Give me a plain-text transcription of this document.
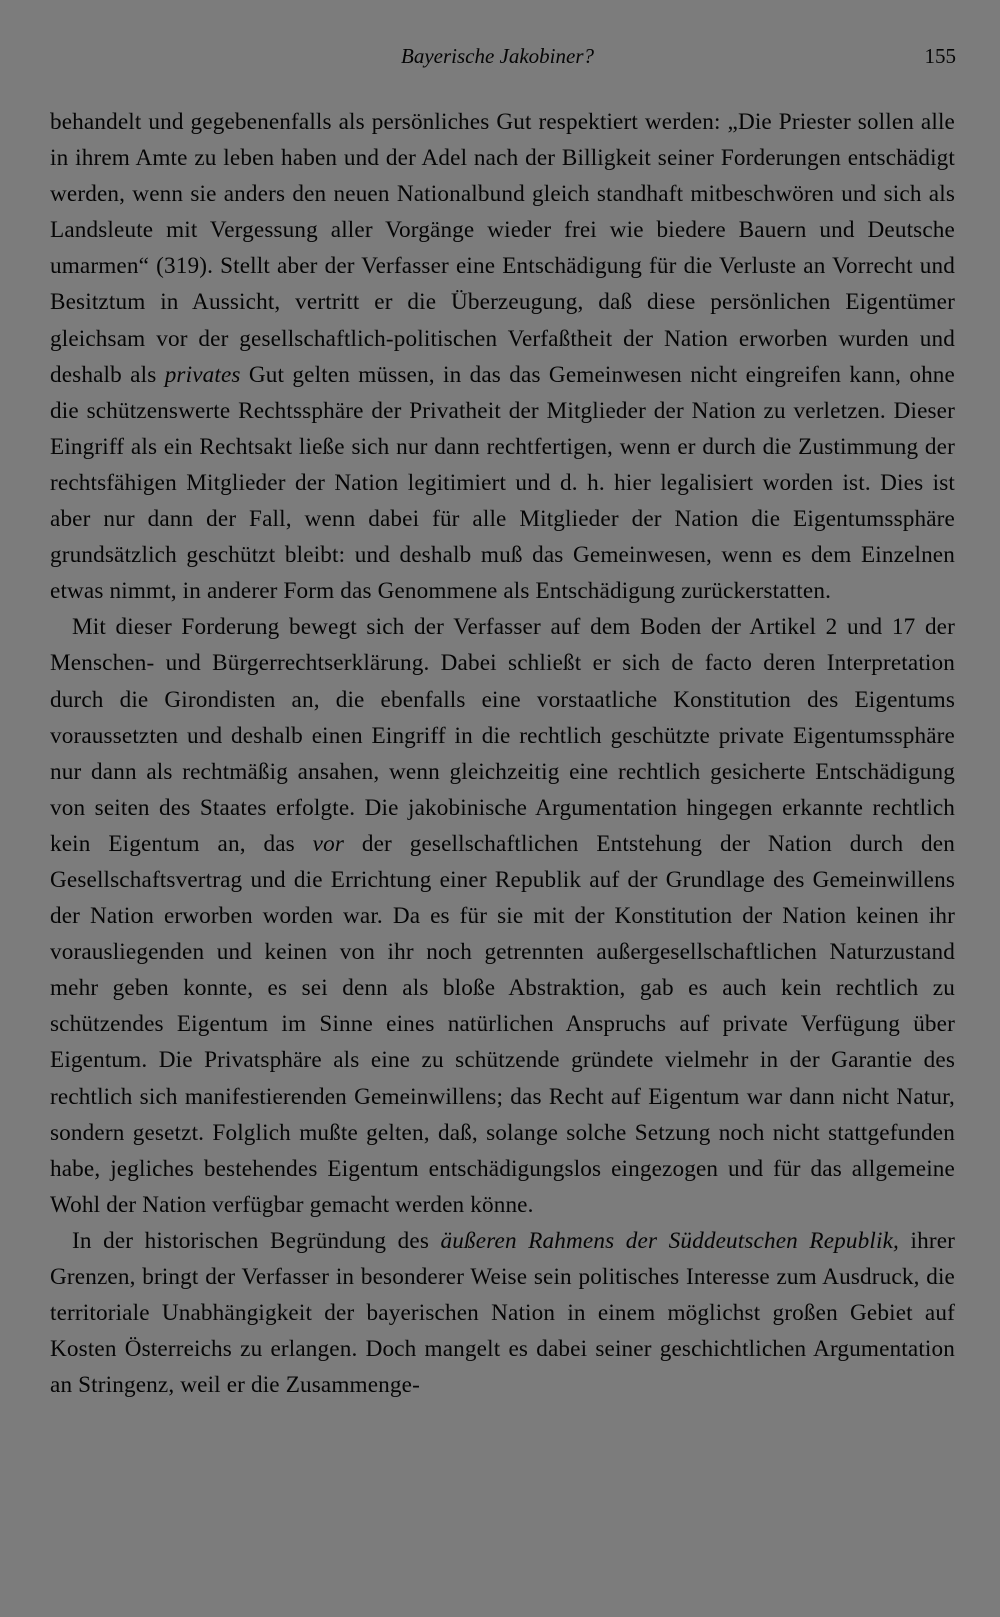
Bayerische Jakobiner?	155

behandelt und gegebenenfalls als persönliches Gut respektiert werden: „Die Priester sollen alle in ihrem Amte zu leben haben und der Adel nach der Billigkeit seiner Forderungen entschädigt werden, wenn sie anders den neuen Nationalbund gleich standhaft mitbeschwören und sich als Landsleute mit Vergessung aller Vorgänge wieder frei wie biedere Bauern und Deutsche umarmen“ (319). Stellt aber der Verfasser eine Entschädigung für die Verluste an Vorrecht und Besitztum in Aussicht, vertritt er die Überzeugung, daß diese persönlichen Eigentümer gleichsam vor der gesellschaftlich-politischen Verfaßtheit der Nation erworben wurden und deshalb als privates Gut gelten müssen, in das das Gemeinwesen nicht eingreifen kann, ohne die schützenswerte Rechtssphäre der Privatheit der Mitglieder der Nation zu verletzen. Dieser Eingriff als ein Rechtsakt ließe sich nur dann rechtfertigen, wenn er durch die Zustimmung der rechtsfähigen Mitglieder der Nation legitimiert und d. h. hier legalisiert worden ist. Dies ist aber nur dann der Fall, wenn dabei für alle Mitglieder der Nation die Eigentumssphäre grundsätzlich geschützt bleibt: und deshalb muß das Gemeinwesen, wenn es dem Einzelnen etwas nimmt, in anderer Form das Genommene als Entschädigung zurückerstatten.

Mit dieser Forderung bewegt sich der Verfasser auf dem Boden der Artikel 2 und 17 der Menschen- und Bürgerrechtserklärung. Dabei schließt er sich de facto deren Interpretation durch die Girondisten an, die ebenfalls eine vorstaatliche Konstitution des Eigentums voraussetzten und deshalb einen Eingriff in die rechtlich geschützte private Eigentumssphäre nur dann als rechtmäßig ansahen, wenn gleichzeitig eine rechtlich gesicherte Entschädigung von seiten des Staates erfolgte. Die jakobinische Argumentation hingegen erkannte rechtlich kein Eigentum an, das vor der gesellschaftlichen Entstehung der Nation durch den Gesellschaftsvertrag und die Errichtung einer Republik auf der Grundlage des Gemeinwillens der Nation erworben worden war. Da es für sie mit der Konstitution der Nation keinen ihr vorausliegenden und keinen von ihr noch getrennten außergesellschaftlichen Naturzustand mehr geben konnte, es sei denn als bloße Abstraktion, gab es auch kein rechtlich zu schützendes Eigentum im Sinne eines natürlichen Anspruchs auf private Verfügung über Eigentum. Die Privatsphäre als eine zu schützende gründete vielmehr in der Garantie des rechtlich sich manifestierenden Gemeinwillens; das Recht auf Eigentum war dann nicht Natur, sondern gesetzt. Folglich mußte gelten, daß, solange solche Setzung noch nicht stattgefunden habe, jegliches bestehendes Eigentum entschädigungslos eingezogen und für das allgemeine Wohl der Nation verfügbar gemacht werden könne.

In der historischen Begründung des äußeren Rahmens der Süddeutschen Republik, ihrer Grenzen, bringt der Verfasser in besonderer Weise sein politisches Interesse zum Ausdruck, die territoriale Unabhängigkeit der bayerischen Nation in einem möglichst großen Gebiet auf Kosten Österreichs zu erlangen. Doch mangelt es dabei seiner geschichtlichen Argumentation an Stringenz, weil er die Zusammenge-
